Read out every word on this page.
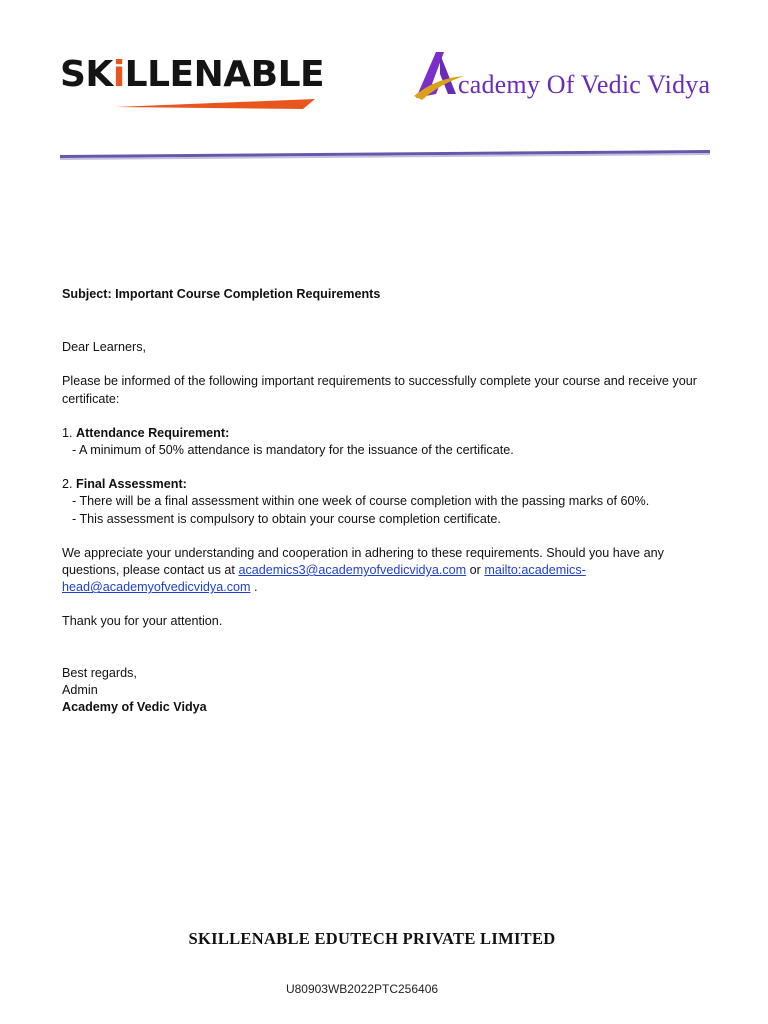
SKiLLENABLE	cademy Of Vedic Vidya

Subject: Important Course Completion Requirements

Dear Learners,

Please be informed of the following important requirements to successfully complete your course and receive your certificate:

1. Attendance Requirement:

- A minimum of 50% attendance is mandatory for the issuance of the certificate.

2. Final Assessment:

- There will be a final assessment within one week of course completion with the passing marks of 60%.

- This assessment is compulsory to obtain your course completion certificate.

We appreciate your understanding and cooperation in adhering to these requirements. Should you have any questions, please contact us at academics3@academyofvedicvidya.com or mailto:academics-
head@academyofvedicvidya.com .

Thank you for your attention.

Best regards,

Admin

Academy of Vedic Vidya

SKILLENABLE EDUTECH PRIVATE LIMITED
U80903WB2022PTC256406
